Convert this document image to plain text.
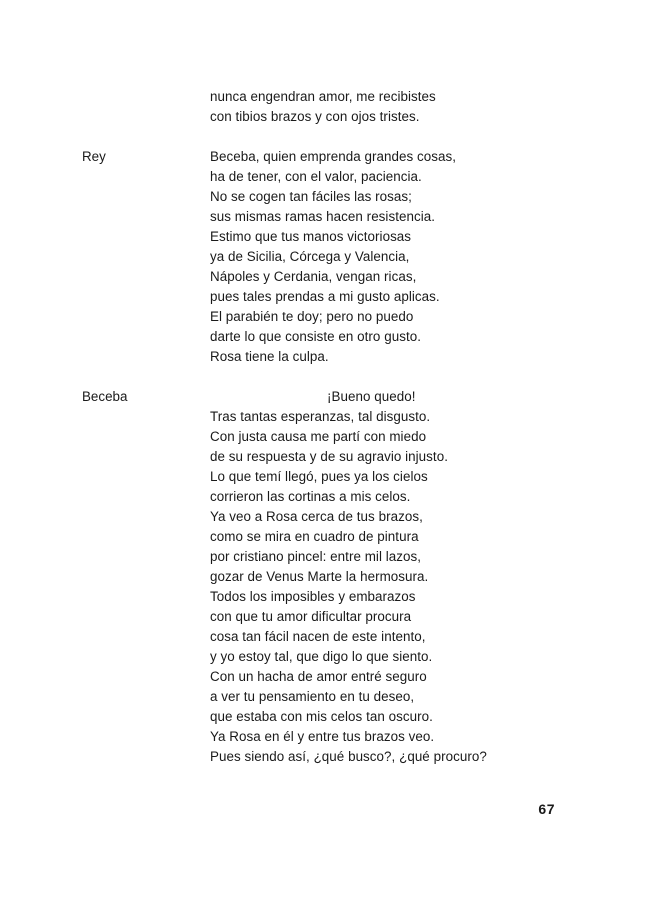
nunca engendran amor, me recibistes
con tibios brazos y con ojos tristes.
Rey	Beceba, quien emprenda grandes cosas,
ha de tener, con el valor, paciencia.
No se cogen tan fáciles las rosas;
sus mismas ramas hacen resistencia.
Estimo que tus manos victoriosas
ya de Sicilia, Córcega y Valencia,
Nápoles y Cerdania, vengan ricas,
pues tales prendas a mi gusto aplicas.
El parabién te doy; pero no puedo
darte lo que consiste en otro gusto.
Rosa tiene la culpa.
Beceba	¡Bueno quedo!
Tras tantas esperanzas, tal disgusto.
Con justa causa me partí con miedo
de su respuesta y de su agravio injusto.
Lo que temí llegó, pues ya los cielos
corrieron las cortinas a mis celos.
Ya veo a Rosa cerca de tus brazos,
como se mira en cuadro de pintura
por cristiano pincel: entre mil lazos,
gozar de Venus Marte la hermosura.
Todos los imposibles y embarazos
con que tu amor dificultar procura
cosa tan fácil nacen de este intento,
y yo estoy tal, que digo lo que siento.
Con un hacha de amor entré seguro
a ver tu pensamiento en tu deseo,
que estaba con mis celos tan oscuro.
Ya Rosa en él y entre tus brazos veo.
Pues siendo así, ¿qué busco?, ¿qué procuro?
67
